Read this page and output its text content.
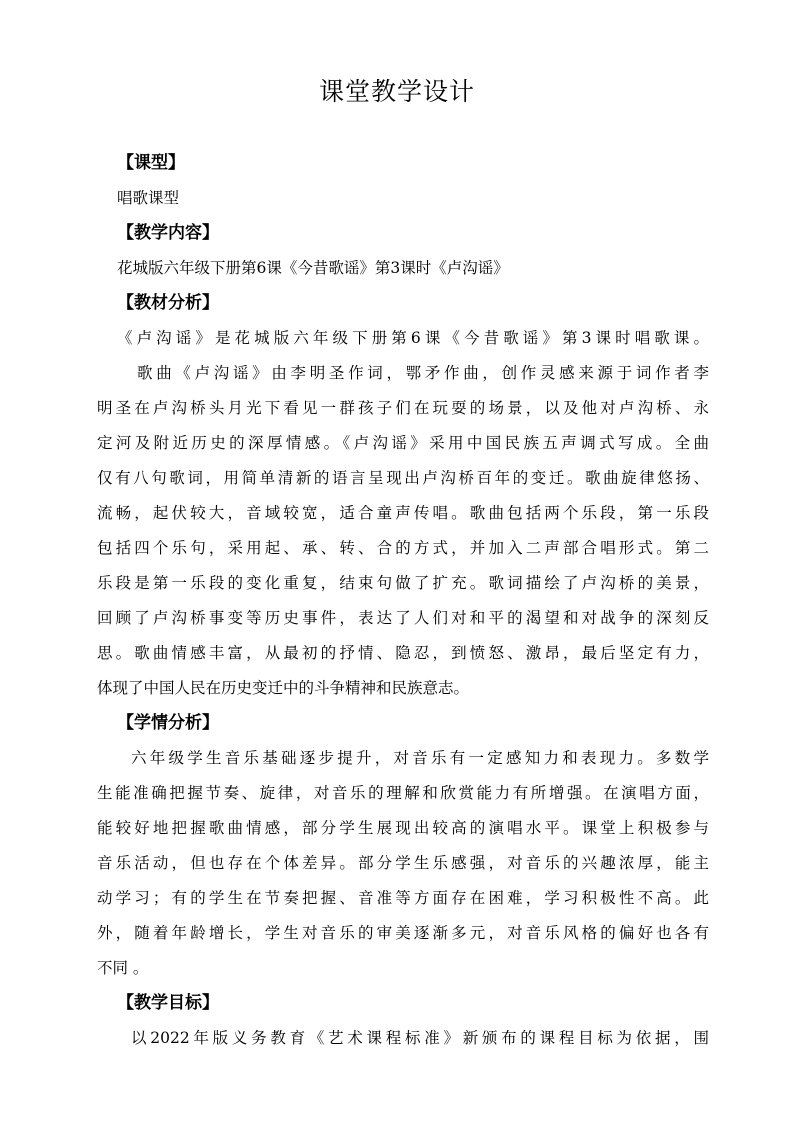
课堂教学设计
【课型】
唱歌课型
【教学内容】
花城版六年级下册第6课《今昔歌谣》第3课时《卢沟谣》
【教材分析】
《卢沟谣》是花城版六年级下册第6课《今昔歌谣》第3课时唱歌课。
歌曲《卢沟谣》由李明圣作词，鄂矛作曲，创作灵感来源于词作者李
明圣在卢沟桥头月光下看见一群孩子们在玩耍的场景，以及他对卢沟桥、永
定河及附近历史的深厚情感。《卢沟谣》采用中国民族五声调式写成。全曲
仅有八句歌词，用简单清新的语言呈现出卢沟桥百年的变迁。歌曲旋律悠扬、
流畅，起伏较大，音域较宽，适合童声传唱。歌曲包括两个乐段，第一乐段
包括四个乐句，采用起、承、转、合的方式，并加入二声部合唱形式。第二
乐段是第一乐段的变化重复，结束句做了扩充。歌词描绘了卢沟桥的美景，
回顾了卢沟桥事变等历史事件，表达了人们对和平的渴望和对战争的深刻反
思。歌曲情感丰富，从最初的抒情、隐忍，到愤怒、激昂，最后坚定有力，
体现了中国人民在历史变迁中的斗争精神和民族意志。
【学情分析】
六年级学生音乐基础逐步提升，对音乐有一定感知力和表现力。多数学
生能准确把握节奏、旋律，对音乐的理解和欣赏能力有所增强。在演唱方面，
能较好地把握歌曲情感，部分学生展现出较高的演唱水平。课堂上积极参与
音乐活动，但也存在个体差异。部分学生乐感强，对音乐的兴趣浓厚，能主
动学习；有的学生在节奏把握、音准等方面存在困难，学习积极性不高。此
外，随着年龄增长，学生对音乐的审美逐渐多元，对音乐风格的偏好也各有
不同 。
【教学目标】
以2022年版义务教育《艺术课程标准》新颁布的课程目标为依据，围
